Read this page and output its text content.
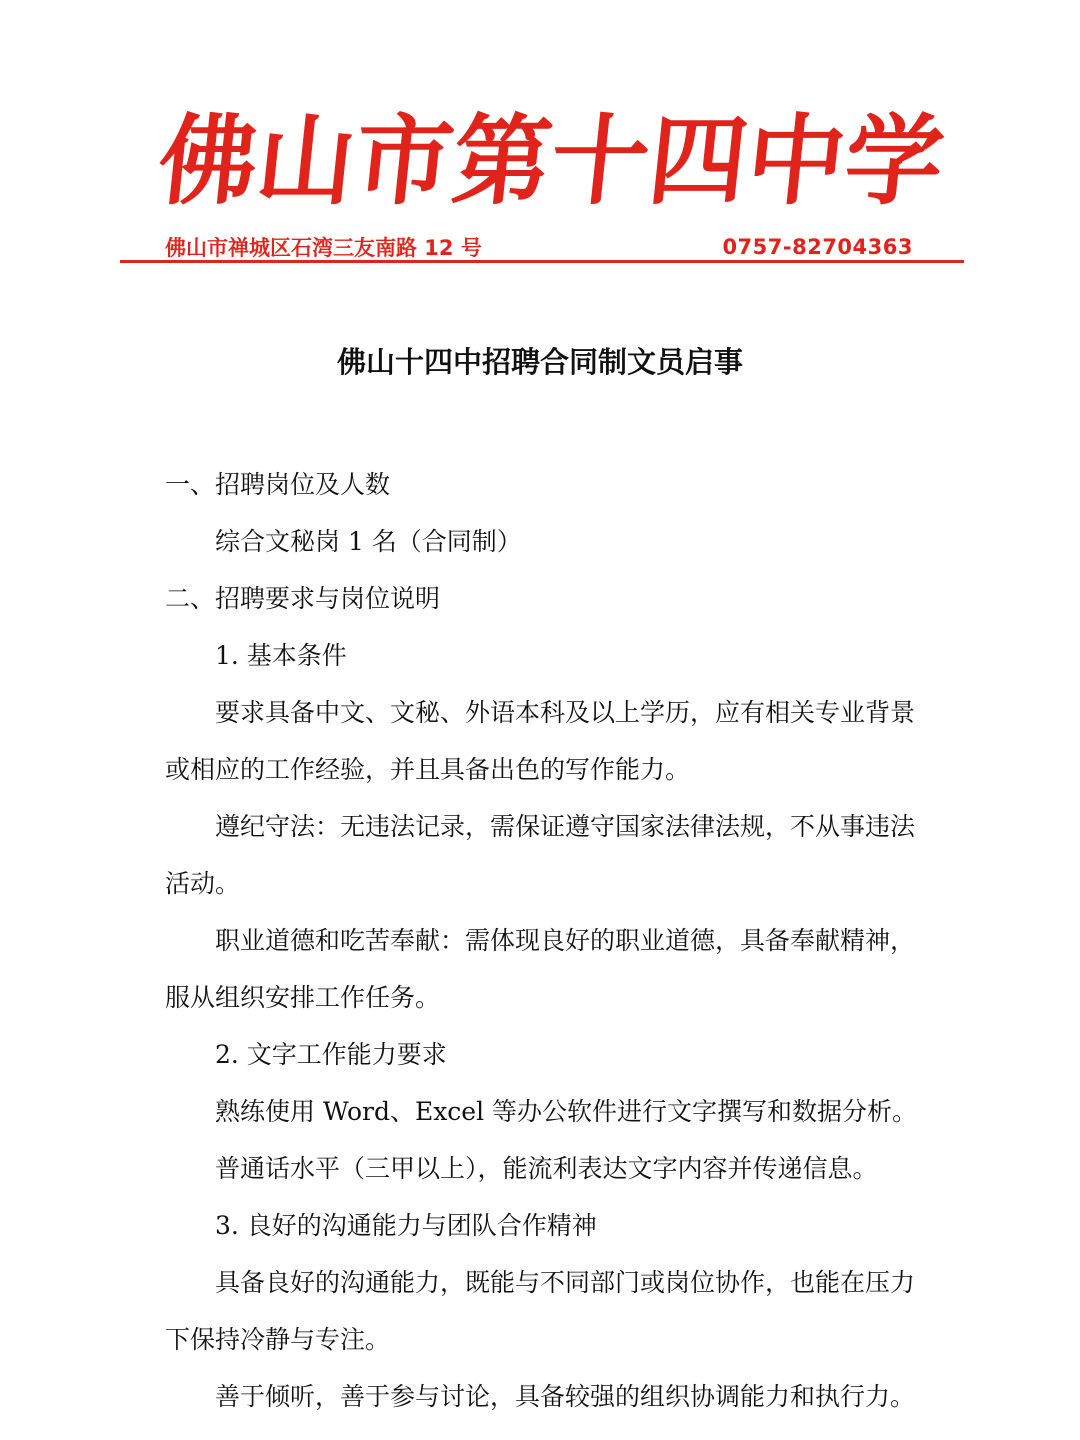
佛
山
市
第
十
四
中
学
佛山市禅城区石湾三友南路 12 号	0757-82704363
佛山十四中招聘合同制文员启事

一、招聘岗位及人数

综合文秘岗 1 名（合同制）

二、招聘要求与岗位说明

1. 基本条件

要求具备中文、文秘、外语本科及以上学历，应有相关专业背景或相应的工作经验，并且具备出色的写作能力。

遵纪守法：无违法记录，需保证遵守国家法律法规，不从事违法活动。

职业道德和吃苦奉献：需体现良好的职业道德，具备奉献精神，服从组织安排工作任务。

2. 文字工作能力要求

熟练使用 Word、Excel 等办公软件进行文字撰写和数据分析。

普通话水平（三甲以上），能流利表达文字内容并传递信息。

3. 良好的沟通能力与团队合作精神

具备良好的沟通能力，既能与不同部门或岗位协作，也能在压力下保持冷静与专注。

善于倾听，善于参与讨论，具备较强的组织协调能力和执行力。
